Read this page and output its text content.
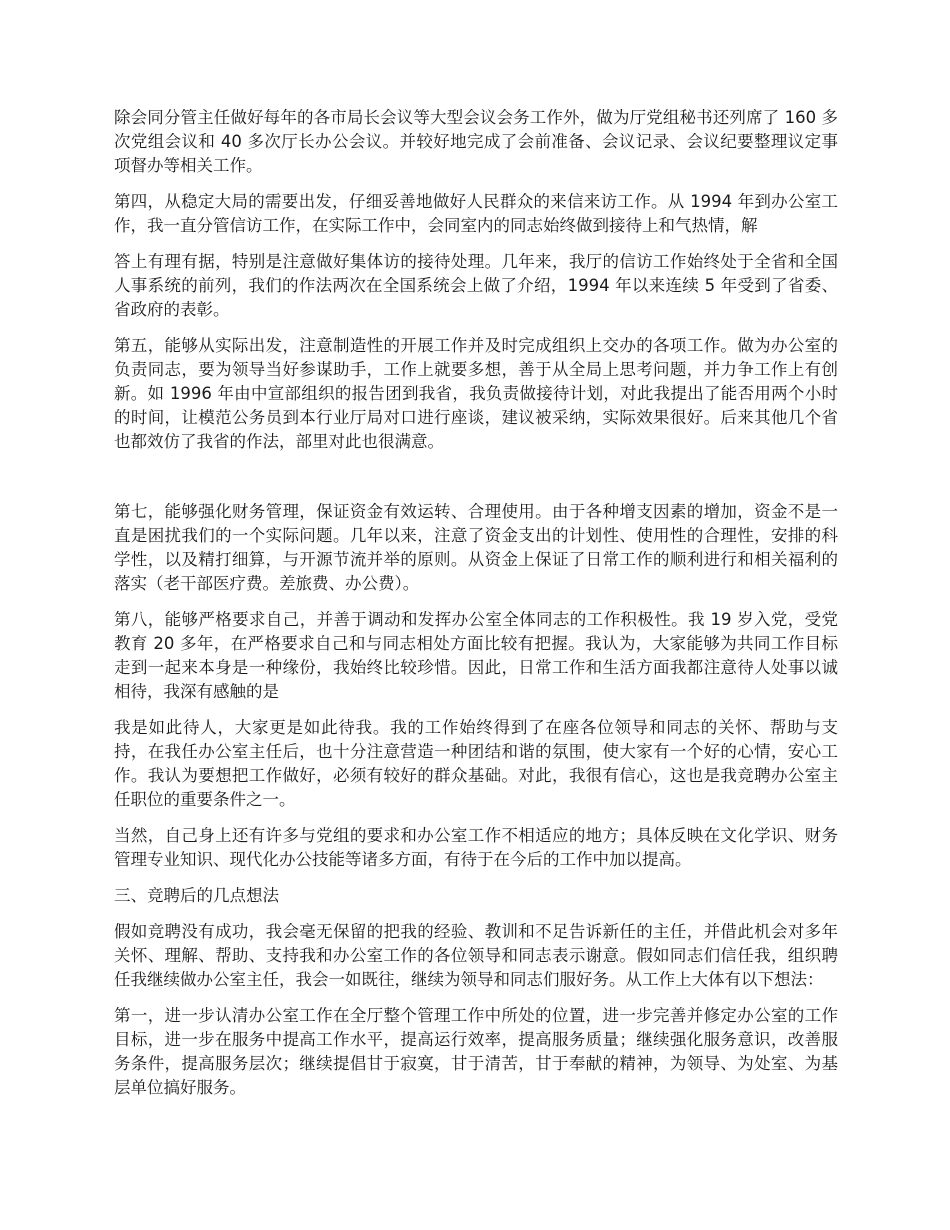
除会同分管主任做好每年的各市局长会议等大型会议会务工作外，做为厅党组秘书还列席了 160 多次党组会议和 40 多次厅长办公会议。并较好地完成了会前准备、会议记录、会议纪要整理议定事项督办等相关工作。

第四，从稳定大局的需要出发，仔细妥善地做好人民群众的来信来访工作。从 1994 年到办公室工作，我一直分管信访工作，在实际工作中，会同室内的同志始终做到接待上和气热情，解

答上有理有据，特别是注意做好集体访的接待处理。几年来，我厅的信访工作始终处于全省和全国人事系统的前列，我们的作法两次在全国系统会上做了介绍，1994 年以来连续 5 年受到了省委、省政府的表彰。

第五，能够从实际出发，注意制造性的开展工作并及时完成组织上交办的各项工作。做为办公室的负责同志，要为领导当好参谋助手，工作上就要多想，善于从全局上思考问题，并力争工作上有创新。如 1996 年由中宣部组织的报告团到我省，我负责做接待计划，对此我提出了能否用两个小时的时间，让模范公务员到本行业厅局对口进行座谈，建议被采纳，实际效果很好。后来其他几个省也都效仿了我省的作法，部里对此也很满意。

第七，能够强化财务管理，保证资金有效运转、合理使用。由于各种增支因素的增加，资金不是一直是困扰我们的一个实际问题。几年以来，注意了资金支出的计划性、使用性的合理性，安排的科学性，以及精打细算，与开源节流并举的原则。从资金上保证了日常工作的顺利进行和相关福利的落实（老干部医疗费。差旅费、办公费）。

第八，能够严格要求自己，并善于调动和发挥办公室全体同志的工作积极性。我 19 岁入党，受党教育 20 多年，在严格要求自己和与同志相处方面比较有把握。我认为，大家能够为共同工作目标走到一起来本身是一种缘份，我始终比较珍惜。因此，日常工作和生活方面我都注意待人处事以诚相待，我深有感触的是

我是如此待人，大家更是如此待我。我的工作始终得到了在座各位领导和同志的关怀、帮助与支持，在我任办公室主任后，也十分注意营造一种团结和谐的氛围，使大家有一个好的心情，安心工作。我认为要想把工作做好，必须有较好的群众基础。对此，我很有信心，这也是我竞聘办公室主任职位的重要条件之一。

当然，自己身上还有许多与党组的要求和办公室工作不相适应的地方；具体反映在文化学识、财务管理专业知识、现代化办公技能等诸多方面，有待于在今后的工作中加以提高。

三、竞聘后的几点想法

假如竞聘没有成功，我会毫无保留的把我的经验、教训和不足告诉新任的主任，并借此机会对多年关怀、理解、帮助、支持我和办公室工作的各位领导和同志表示谢意。假如同志们信任我，组织聘任我继续做办公室主任，我会一如既往，继续为领导和同志们服好务。从工作上大体有以下想法：

第一，进一步认清办公室工作在全厅整个管理工作中所处的位置，进一步完善并修定办公室的工作目标，进一步在服务中提高工作水平，提高运行效率，提高服务质量；继续强化服务意识，改善服务条件，提高服务层次；继续提倡甘于寂寞，甘于清苦，甘于奉献的精神，为领导、为处室、为基层单位搞好服务。
